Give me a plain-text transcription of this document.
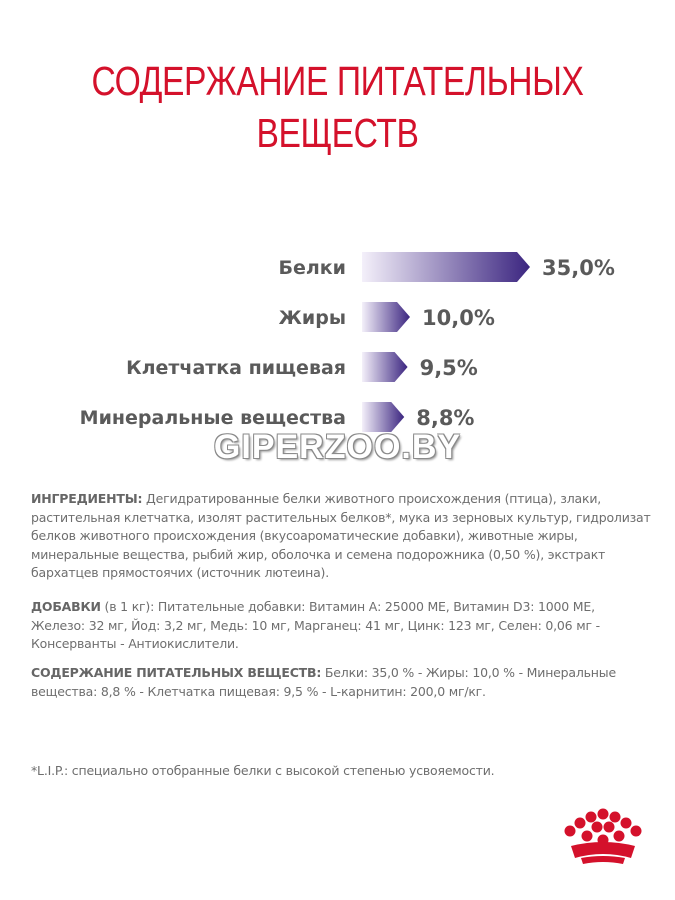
СОДЕРЖАНИЕ ПИТАТЕЛЬНЫХ
ВЕЩЕСТВ
Белки	35,0%
Жиры	10,0%
Клетчатка пищевая	9,5%
Минеральные вещества	8,8%
GIPERZOO.BY
ИНГРЕДИЕНТЫ: Дегидратированные белки животного происхождения (птица), злаки, растительная клетчатка, изолят растительных белков*, мука из зерновых культур, гидролизат белков животного происхождения (вкусоароматические добавки), животные жиры, минеральные вещества, рыбий жир, оболочка и семена подорожника (0,50 %), экстракт бархатцев прямостоячих (источник лютеина).
ДОБАВКИ (в 1 кг): Питательные добавки: Витамин А: 25000 МЕ, Витамин D3: 1000 МЕ, Железо: 32 мг, Йод: 3,2 мг, Медь: 10 мг, Марганец: 41 мг, Цинк: 123 мг, Селен: 0,06 мг - Консерванты - Антиокислители.
СОДЕРЖАНИЕ ПИТАТЕЛЬНЫХ ВЕЩЕСТВ: Белки: 35,0 % - Жиры: 10,0 % - Минеральные вещества: 8,8 % - Клетчатка пищевая: 9,5 % - L-карнитин: 200,0 мг/кг.
*L.I.P.: специально отобранные белки с высокой степенью усвояемости.
